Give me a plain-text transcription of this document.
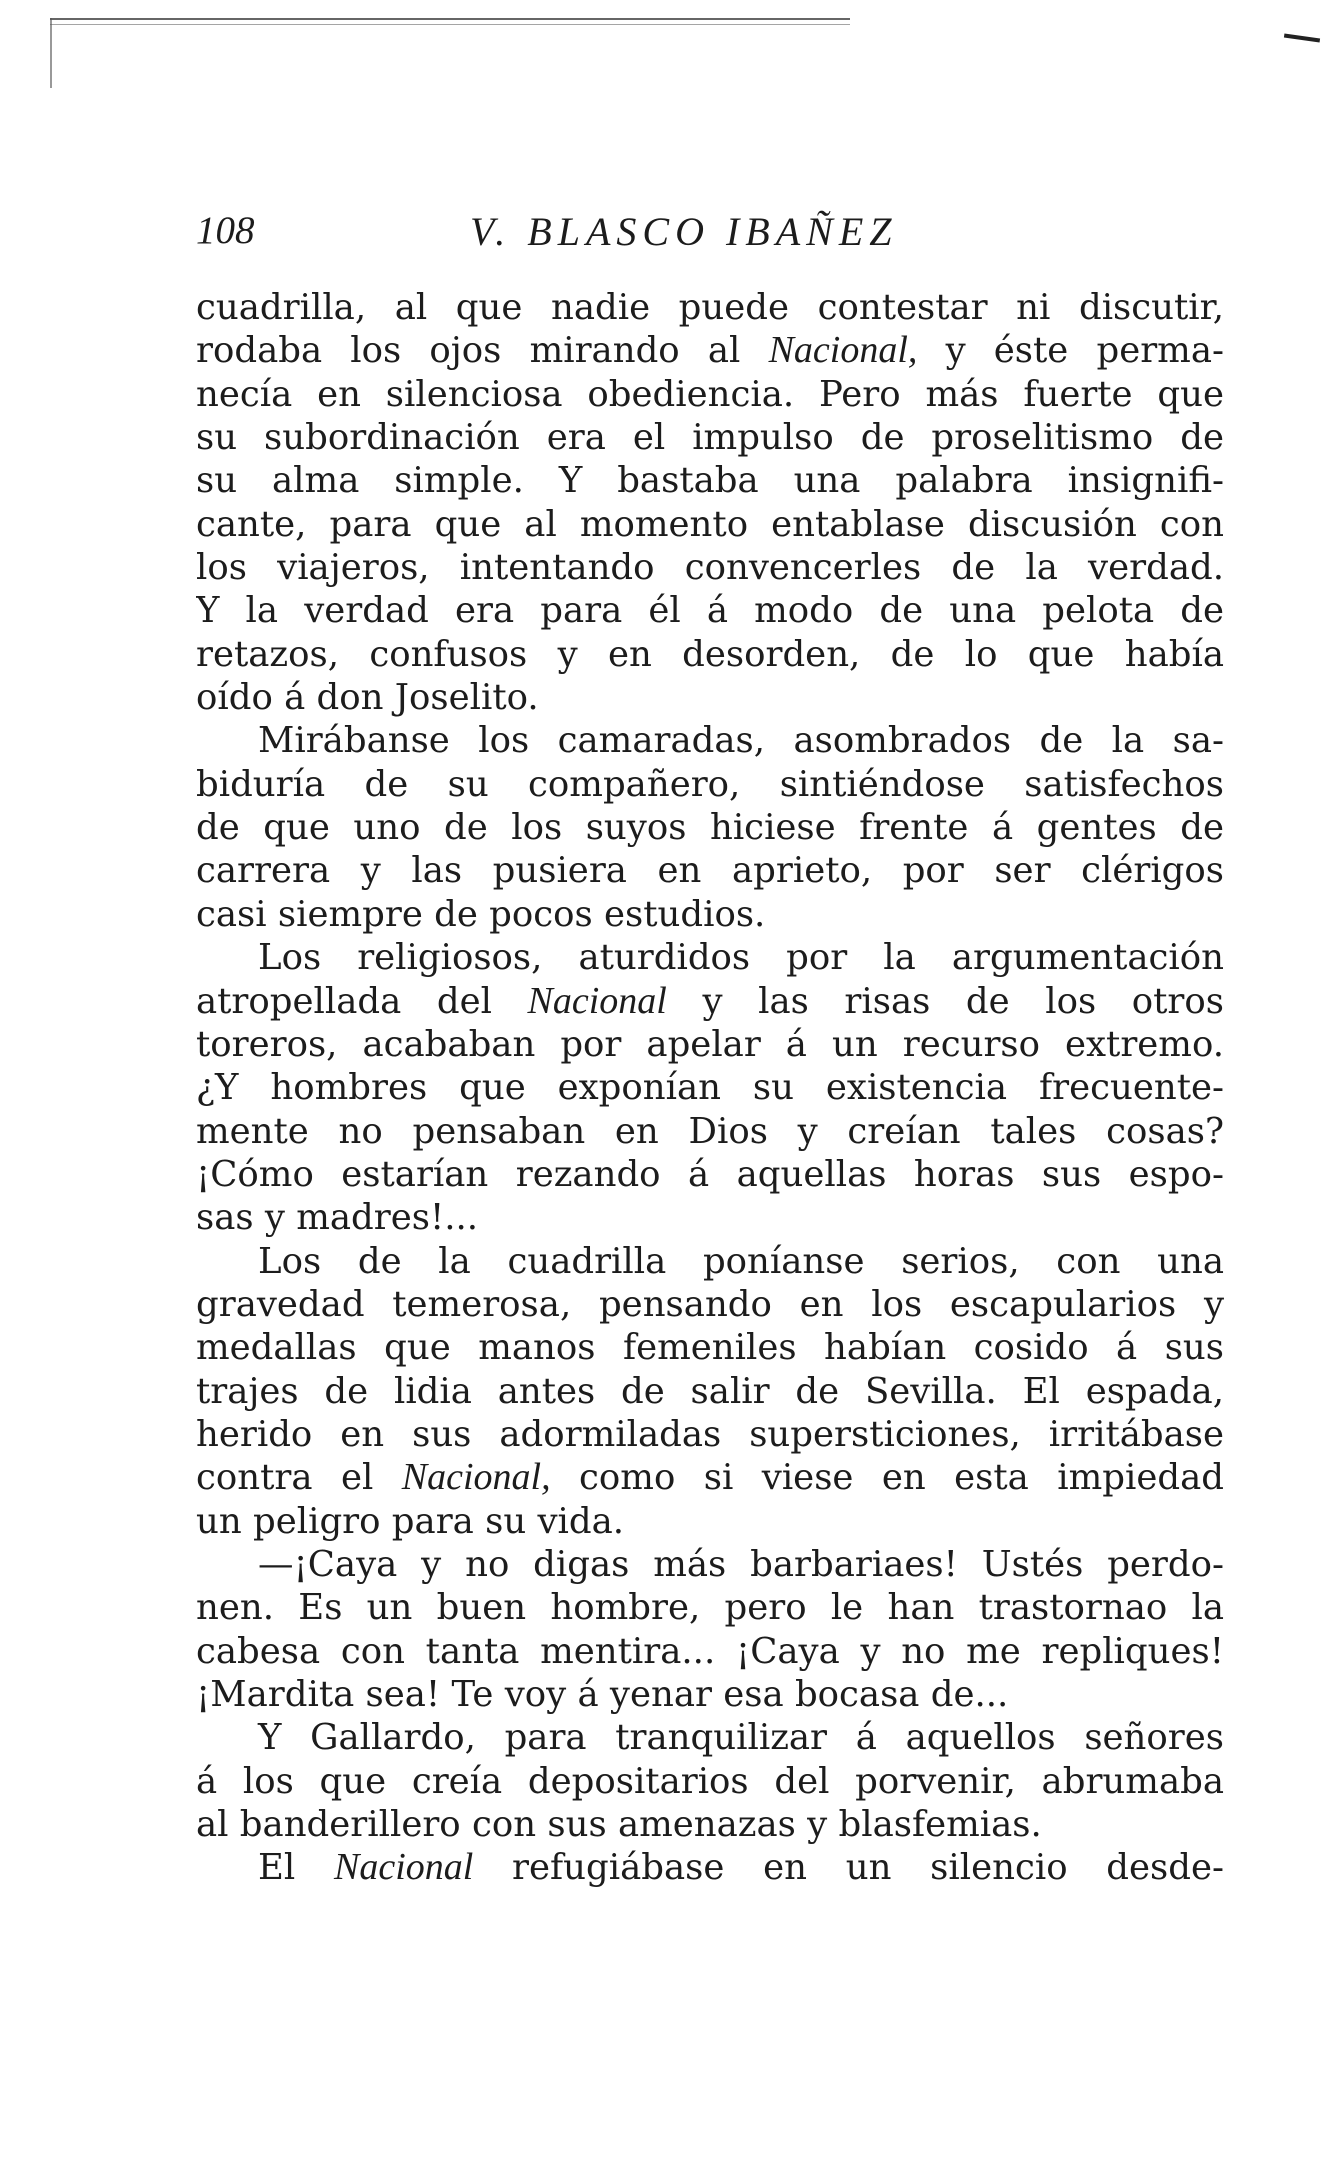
108	V. BLASCO IBAÑEZ
cuadrilla, al que nadie puede contestar ni discutir,
rodaba los ojos mirando al Nacional, y éste perma-
necía en silenciosa obediencia. Pero más fuerte que
su subordinación era el impulso de proselitismo de
su alma simple. Y bastaba una palabra insignifi-
cante, para que al momento entablase discusión con
los viajeros, intentando convencerles de la verdad.
Y la verdad era para él á modo de una pelota de
retazos, confusos y en desorden, de lo que había
oído á don Joselito.
Mirábanse los camaradas, asombrados de la sa-
biduría de su compañero, sintiéndose satisfechos
de que uno de los suyos hiciese frente á gentes de
carrera y las pusiera en aprieto, por ser clérigos
casi siempre de pocos estudios.
Los religiosos, aturdidos por la argumentación
atropellada del Nacional y las risas de los otros
toreros, acababan por apelar á un recurso extremo.
¿Y hombres que exponían su existencia frecuente-
mente no pensaban en Dios y creían tales cosas?
¡Cómo estarían rezando á aquellas horas sus espo-
sas y madres!...
Los de la cuadrilla poníanse serios, con una
gravedad temerosa, pensando en los escapularios y
medallas que manos femeniles habían cosido á sus
trajes de lidia antes de salir de Sevilla. El espada,
herido en sus adormiladas supersticiones, irritábase
contra el Nacional, como si viese en esta impiedad
un peligro para su vida.
—¡Caya y no digas más barbariaes! Ustés perdo-
nen. Es un buen hombre, pero le han trastornao la
cabesa con tanta mentira... ¡Caya y no me repliques!
¡Mardita sea! Te voy á yenar esa bocasa de...
Y Gallardo, para tranquilizar á aquellos señores
á los que creía depositarios del porvenir, abrumaba
al banderillero con sus amenazas y blasfemias.
El Nacional refugiábase en un silencio desde-
